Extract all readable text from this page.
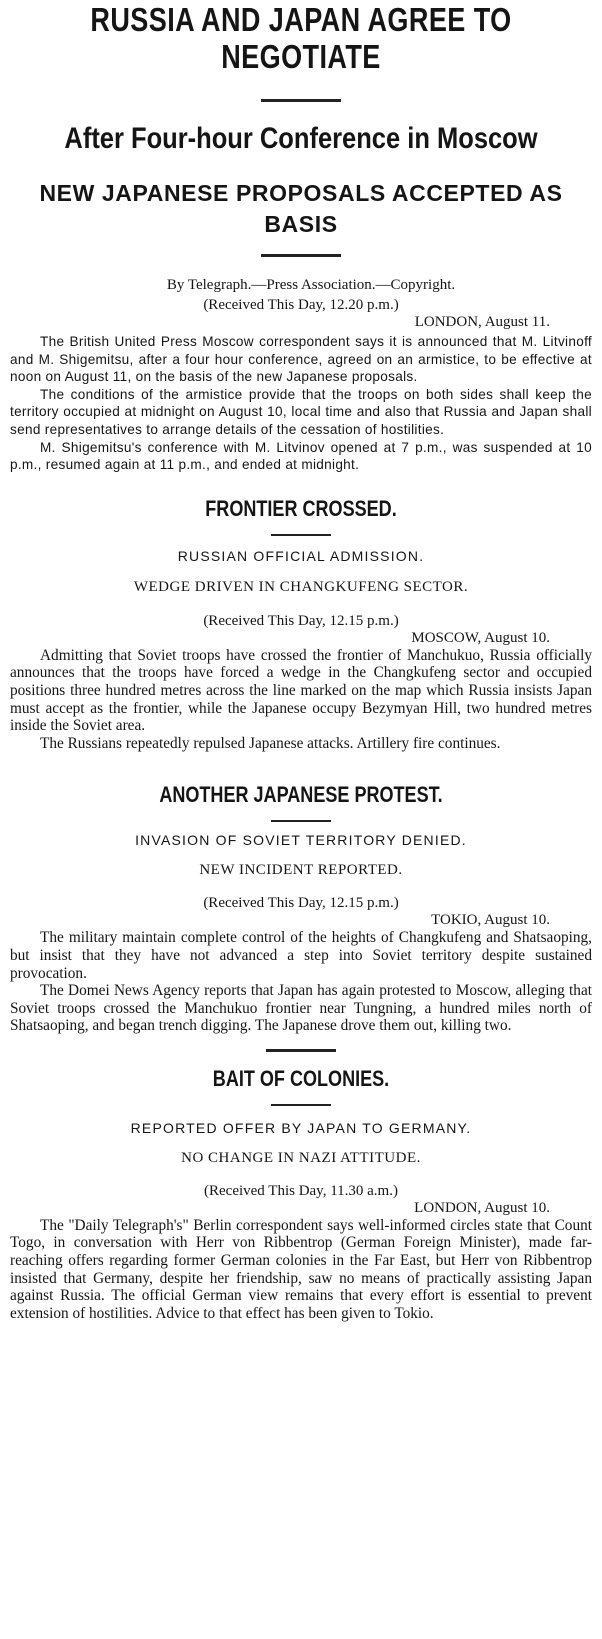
RUSSIA AND JAPAN AGREE TO NEGOTIATE
After Four-hour Conference in Moscow
NEW JAPANESE PROPOSALS ACCEPTED AS BASIS

By Telegraph.—Press Association.—Copyright.

(Received This Day, 12.20 p.m.)

LONDON, August 11.

The British United Press Moscow correspondent says it is announced that M. Litvinoff and M. Shigemitsu, after a four hour conference, agreed on an armistice, to be effective at noon on August 11, on the basis of the new Japanese proposals.

The conditions of the armistice provide that the troops on both sides shall keep the territory occupied at midnight on August 10, local time and also that Russia and Japan shall send representatives to arrange details of the cessation of hostilities.

M. Shigemitsu's conference with M. Litvinov opened at 7 p.m., was suspended at 10 p.m., resumed again at 11 p.m., and ended at midnight.

FRONTIER CROSSED.

RUSSIAN OFFICIAL ADMISSION.

WEDGE DRIVEN IN CHANGKUFENG SECTOR.

(Received This Day, 12.15 p.m.)

MOSCOW, August 10.

Admitting that Soviet troops have crossed the frontier of Manchukuo, Russia officially announces that the troops have forced a wedge in the Changkufeng sector and occupied positions three hundred metres across the line marked on the map which Russia insists Japan must accept as the frontier, while the Japanese occupy Bezymyan Hill, two hundred metres inside the Soviet area.

The Russians repeatedly repulsed Japanese attacks. Artillery fire continues.

ANOTHER JAPANESE PROTEST.

INVASION OF SOVIET TERRITORY DENIED.

NEW INCIDENT REPORTED.

(Received This Day, 12.15 p.m.)

TOKIO, August 10.

The military maintain complete control of the heights of Changkufeng and Shatsaoping, but insist that they have not advanced a step into Soviet territory despite sustained provocation.

The Domei News Agency reports that Japan has again protested to Moscow, alleging that Soviet troops crossed the Manchukuo frontier near Tungning, a hundred miles north of Shatsaoping, and began trench digging. The Japanese drove them out, killing two.

BAIT OF COLONIES.

REPORTED OFFER BY JAPAN TO GERMANY.

NO CHANGE IN NAZI ATTITUDE.

(Received This Day, 11.30 a.m.)

LONDON, August 10.

The "Daily Telegraph's" Berlin correspondent says well-informed circles state that Count Togo, in conversation with Herr von Ribbentrop (German Foreign Minister), made far-reaching offers regarding former German colonies in the Far East, but Herr von Ribbentrop insisted that Germany, despite her friendship, saw no means of practically assisting Japan against Russia. The official German view remains that every effort is essential to prevent extension of hostilities. Advice to that effect has been given to Tokio.
